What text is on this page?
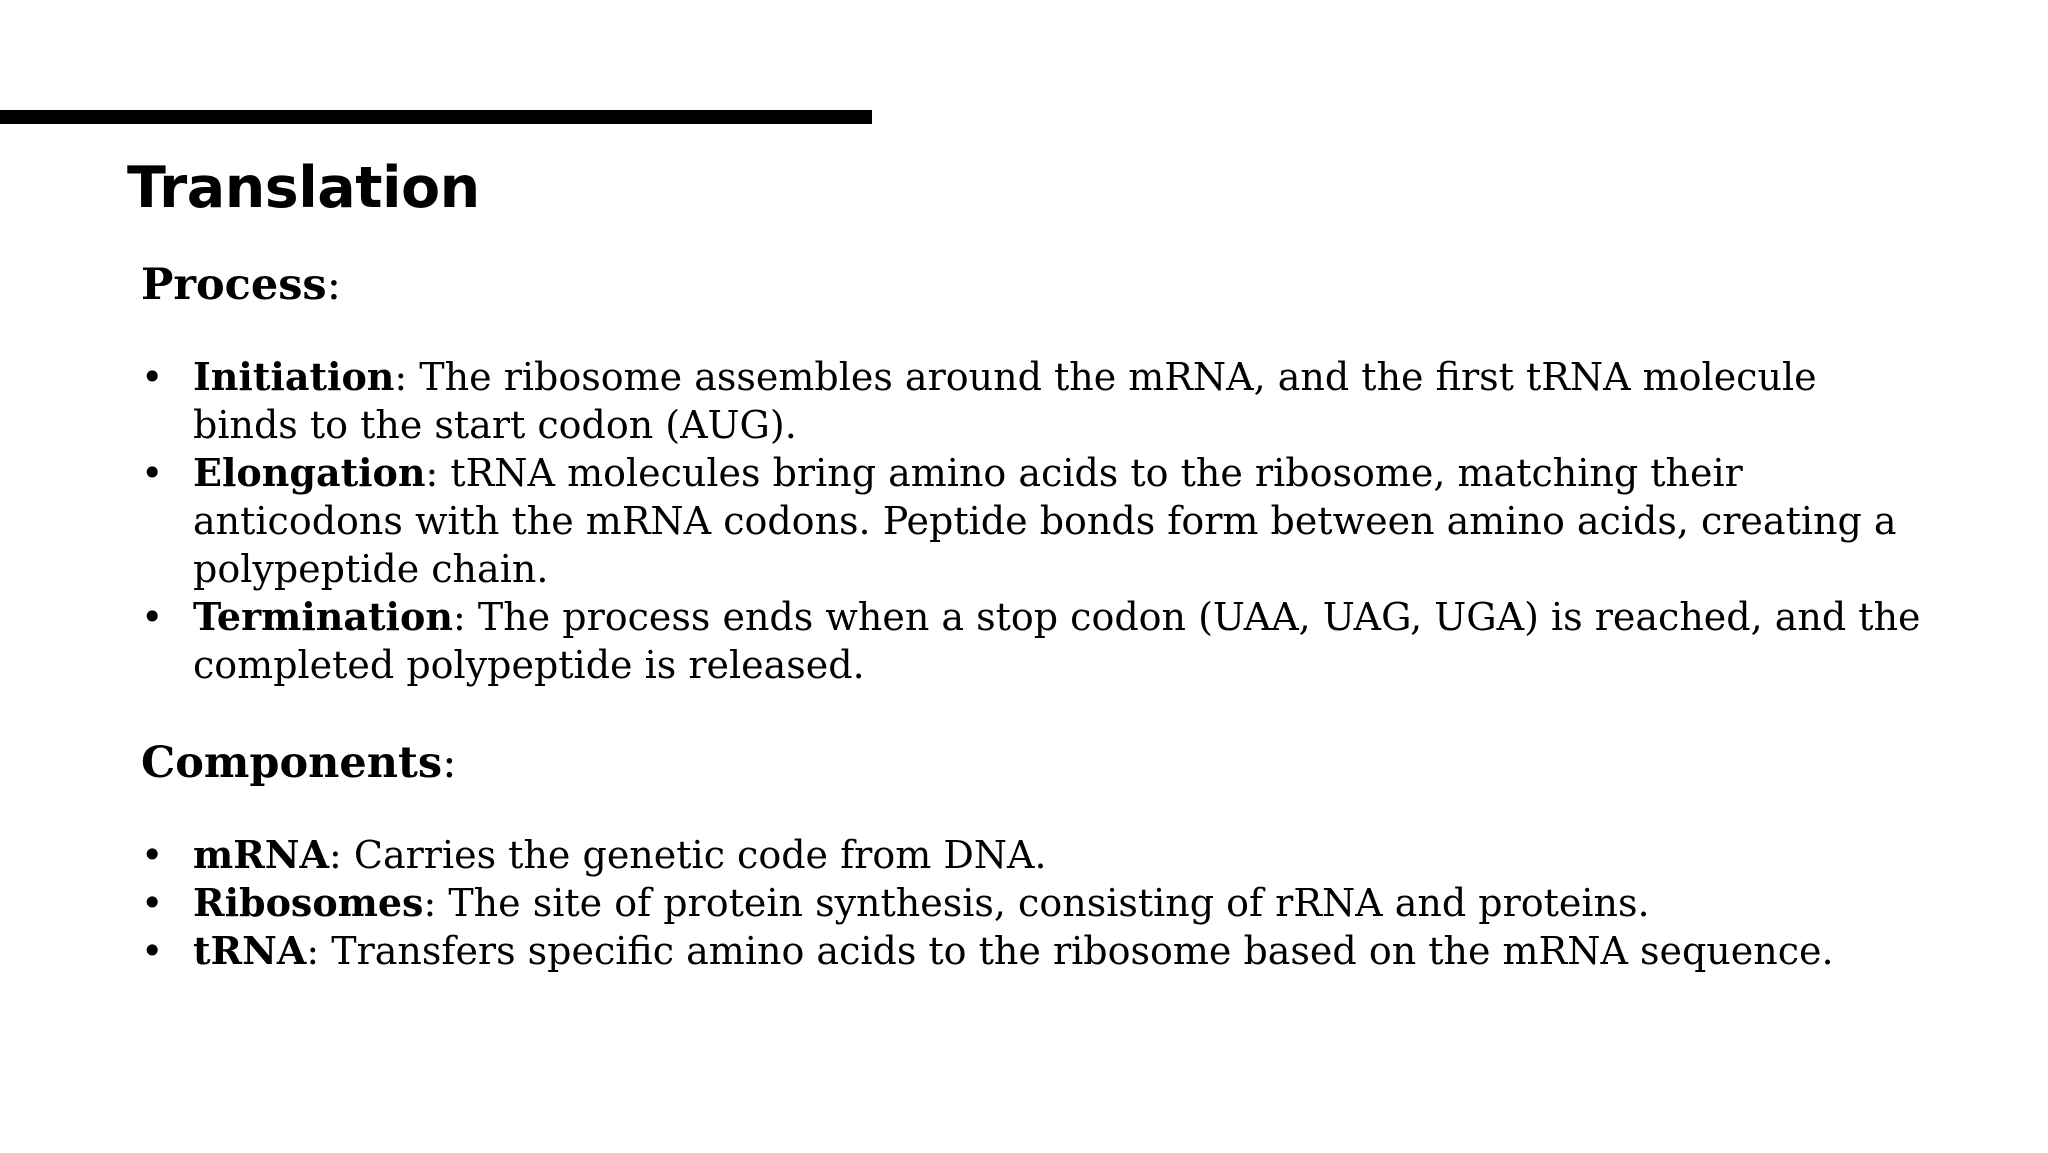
Translation
Process:
• Initiation: The ribosome assembles around the mRNA, and the first tRNA molecule binds to the start codon (AUG).
• Elongation: tRNA molecules bring amino acids to the ribosome, matching their anticodons with the mRNA codons. Peptide bonds form between amino acids, creating a polypeptide chain.
• Termination: The process ends when a stop codon (UAA, UAG, UGA) is reached, and the completed polypeptide is released.
Components:
• mRNA: Carries the genetic code from DNA.
• Ribosomes: The site of protein synthesis, consisting of rRNA and proteins.
• tRNA: Transfers specific amino acids to the ribosome based on the mRNA sequence.
